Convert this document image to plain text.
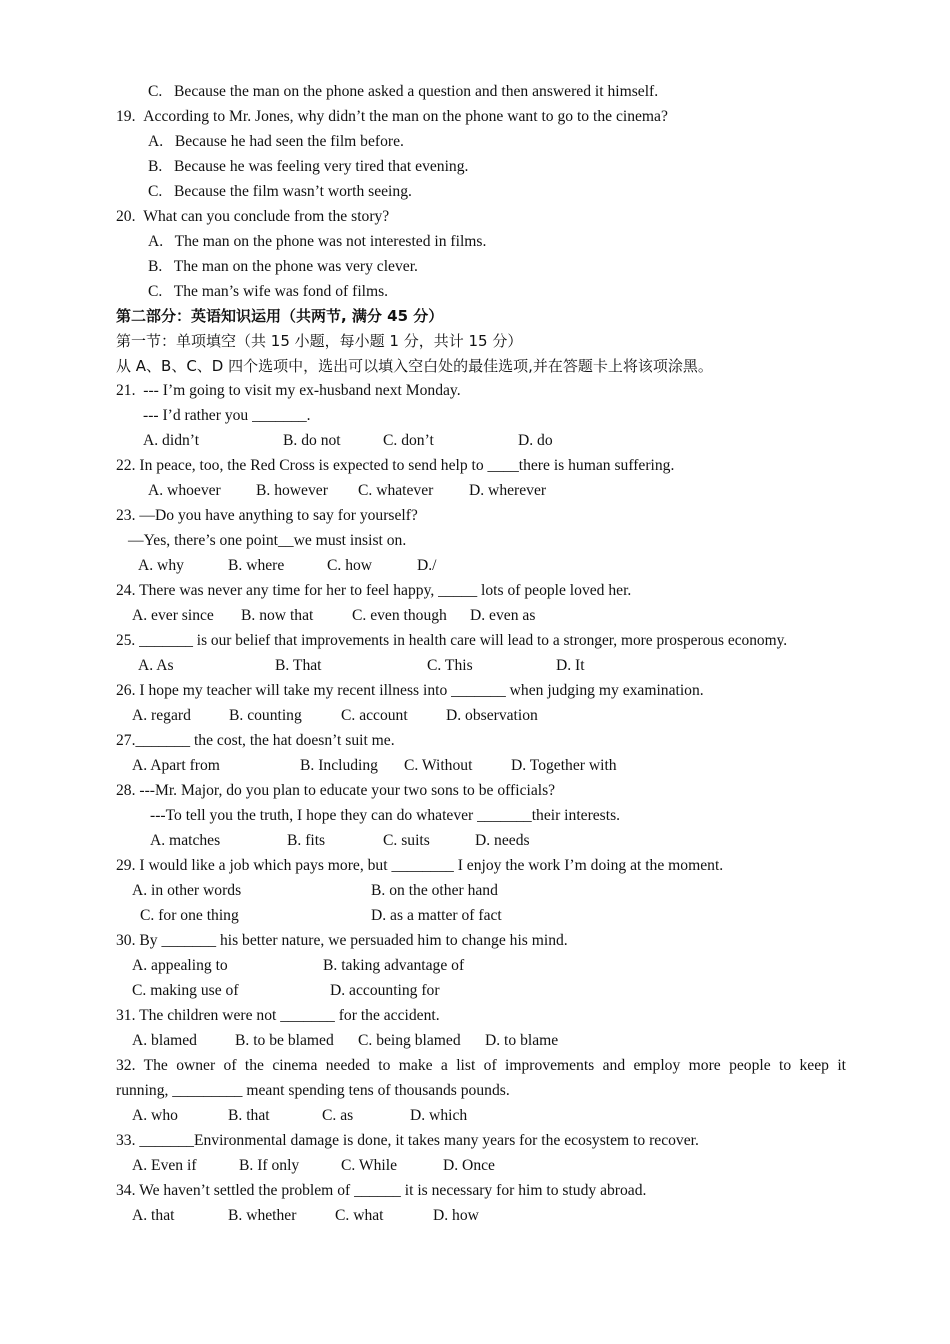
C.  Because the man on the phone asked a question and then answered it himself.
19. According to Mr. Jones, why didn’t the man on the phone want to go to the cinema?
A.  Because he had seen the film before.
B.  Because he was feeling very tired that evening.
C.  Because the film wasn’t worth seeing.
20. What can you conclude from the story?
A.  The man on the phone was not interested in films.
B.  The man on the phone was very clever.
C.  The man’s wife was fond of films.
第二部分：英语知识运用（共两节, 满分 45 分）
第一节：单项填空（共 15 小题，每小题 1 分，共计 15 分）
从 A、B、C、D 四个选项中，选出可以填入空白处的最佳选项,并在答题卡上将该项涂黑。
21.  --- I’m going to visit my ex-husband next Monday.
--- I’d rather you _______.
A. didn’t	B. do not	C. don’t	D. do
22. In peace, too, the Red Cross is expected to send help to ____there is human suffering.
A. whoever B. however C. whatever D. wherever
23. —Do you have anything to say for yourself?
—Yes, there’s one point__we must insist on.
A. why	B. where	C. how	D./
24. There was never any time for her to feel happy, _____ lots of people loved her.
A. ever since B. now that C. even though D. even as
25. _______ is our belief that improvements in health care will lead to a stronger, more prosperous economy.
A. As	B. That	C. This	D. It
26. I hope my teacher will take my recent illness into _______ when judging my examination.
A. regard B. counting	C. account D. observation
27._______ the cost, the hat doesn’t suit me.
A. Apart from	B. Including C. Without D. Together with
28. ---Mr. Major, do you plan to educate your two sons to be officials?
---To tell you the truth, I hope they can do whatever _______their interests.
A. matches	B. fits	C. suits	D. needs
29. I would like a job which pays more, but ________ I enjoy the work I’m doing at the moment.
A. in other words	B. on the other hand
C. for one thing	D. as a matter of fact
30. By _______ his better nature, we persuaded him to change his mind.
A. appealing to	B. taking advantage of
C. making use of	D. accounting for
31. The children were not _______ for the accident.
A. blamed B. to be blamed C. being blamed D. to blame
32. The owner of the cinema needed to make a list of improvements and employ more people to keep it
running, _________ meant spending tens of thousands pounds.
A. who	B. that	C. as	D. which
33. _______Environmental damage is done, it takes many years for the ecosystem to recover.
A. Even if	B. If only	C. While	D. Once
34. We haven’t settled the problem of ______ it is necessary for him to study abroad.
A. that	B. whether C. what	D. how
